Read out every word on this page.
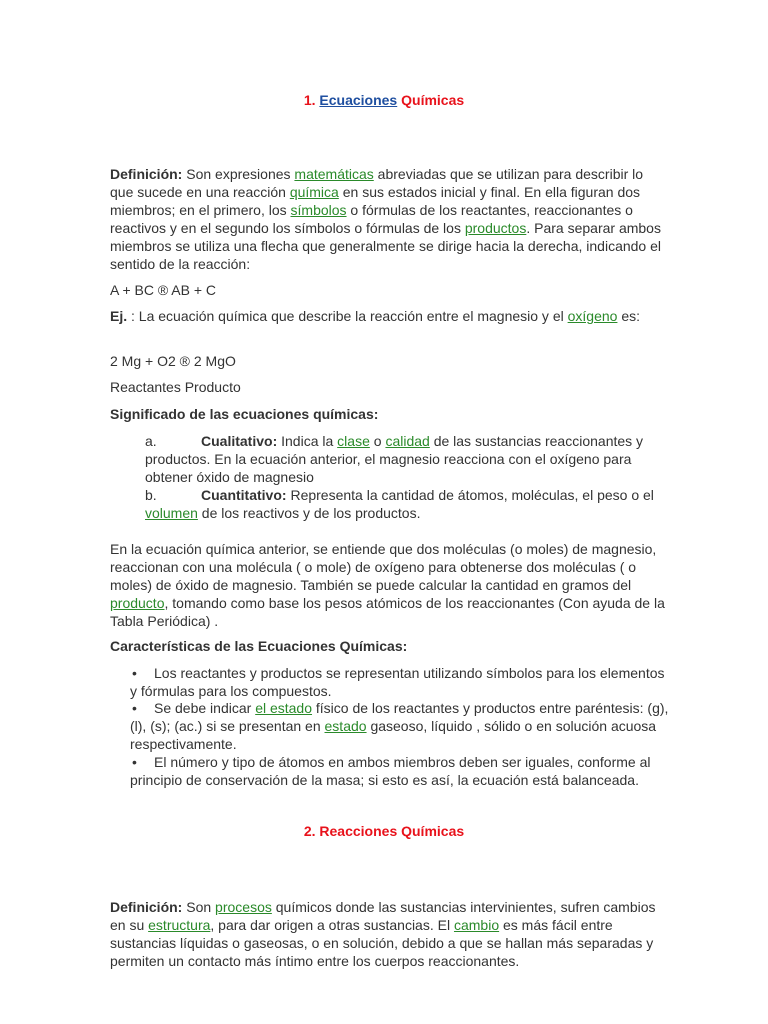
1. Ecuaciones Químicas
Definición: Son expresiones matemáticas abreviadas que se utilizan para describir lo que sucede en una reacción química en sus estados inicial y final. En ella figuran dos miembros; en el primero, los símbolos o fórmulas de los reactantes, reaccionantes o reactivos y en el segundo los símbolos o fórmulas de los productos. Para separar ambos miembros se utiliza una flecha que generalmente se dirige hacia la derecha, indicando el sentido de la reacción:
A + BC ® AB + C
Ej. : La ecuación química que describe la reacción entre el magnesio y el oxígeno es:
2 Mg + O2 ® 2 MgO
Reactantes Producto
Significado de las ecuaciones químicas:
a.	Cualitativo: Indica la clase o calidad de las sustancias reaccionantes y productos. En la ecuación anterior, el magnesio reacciona con el oxígeno para obtener óxido de magnesio
b.	Cuantitativo: Representa la cantidad de átomos, moléculas, el peso o el volumen de los reactivos y de los productos.
En la ecuación química anterior, se entiende que dos moléculas (o moles) de magnesio, reaccionan con una molécula ( o mole) de oxígeno para obtenerse dos moléculas ( o moles) de óxido de magnesio. También se puede calcular la cantidad en gramos del producto, tomando como base los pesos atómicos de los reaccionantes (Con ayuda de la Tabla Periódica) .
Características de las Ecuaciones Químicas:
• Los reactantes y productos se representan utilizando símbolos para los elementos y fórmulas para los compuestos.
• Se debe indicar el estado físico de los reactantes y productos entre paréntesis: (g), (l), (s); (ac.) si se presentan en estado gaseoso, líquido , sólido o en solución acuosa respectivamente.
• El número y tipo de átomos en ambos miembros deben ser iguales, conforme al principio de conservación de la masa; si esto es así, la ecuación está balanceada.
2. Reacciones Químicas
Definición: Son procesos químicos donde las sustancias intervinientes, sufren cambios en su estructura, para dar origen a otras sustancias. El cambio es más fácil entre sustancias líquidas o gaseosas, o en solución, debido a que se hallan más separadas y permiten un contacto más íntimo entre los cuerpos reaccionantes.
